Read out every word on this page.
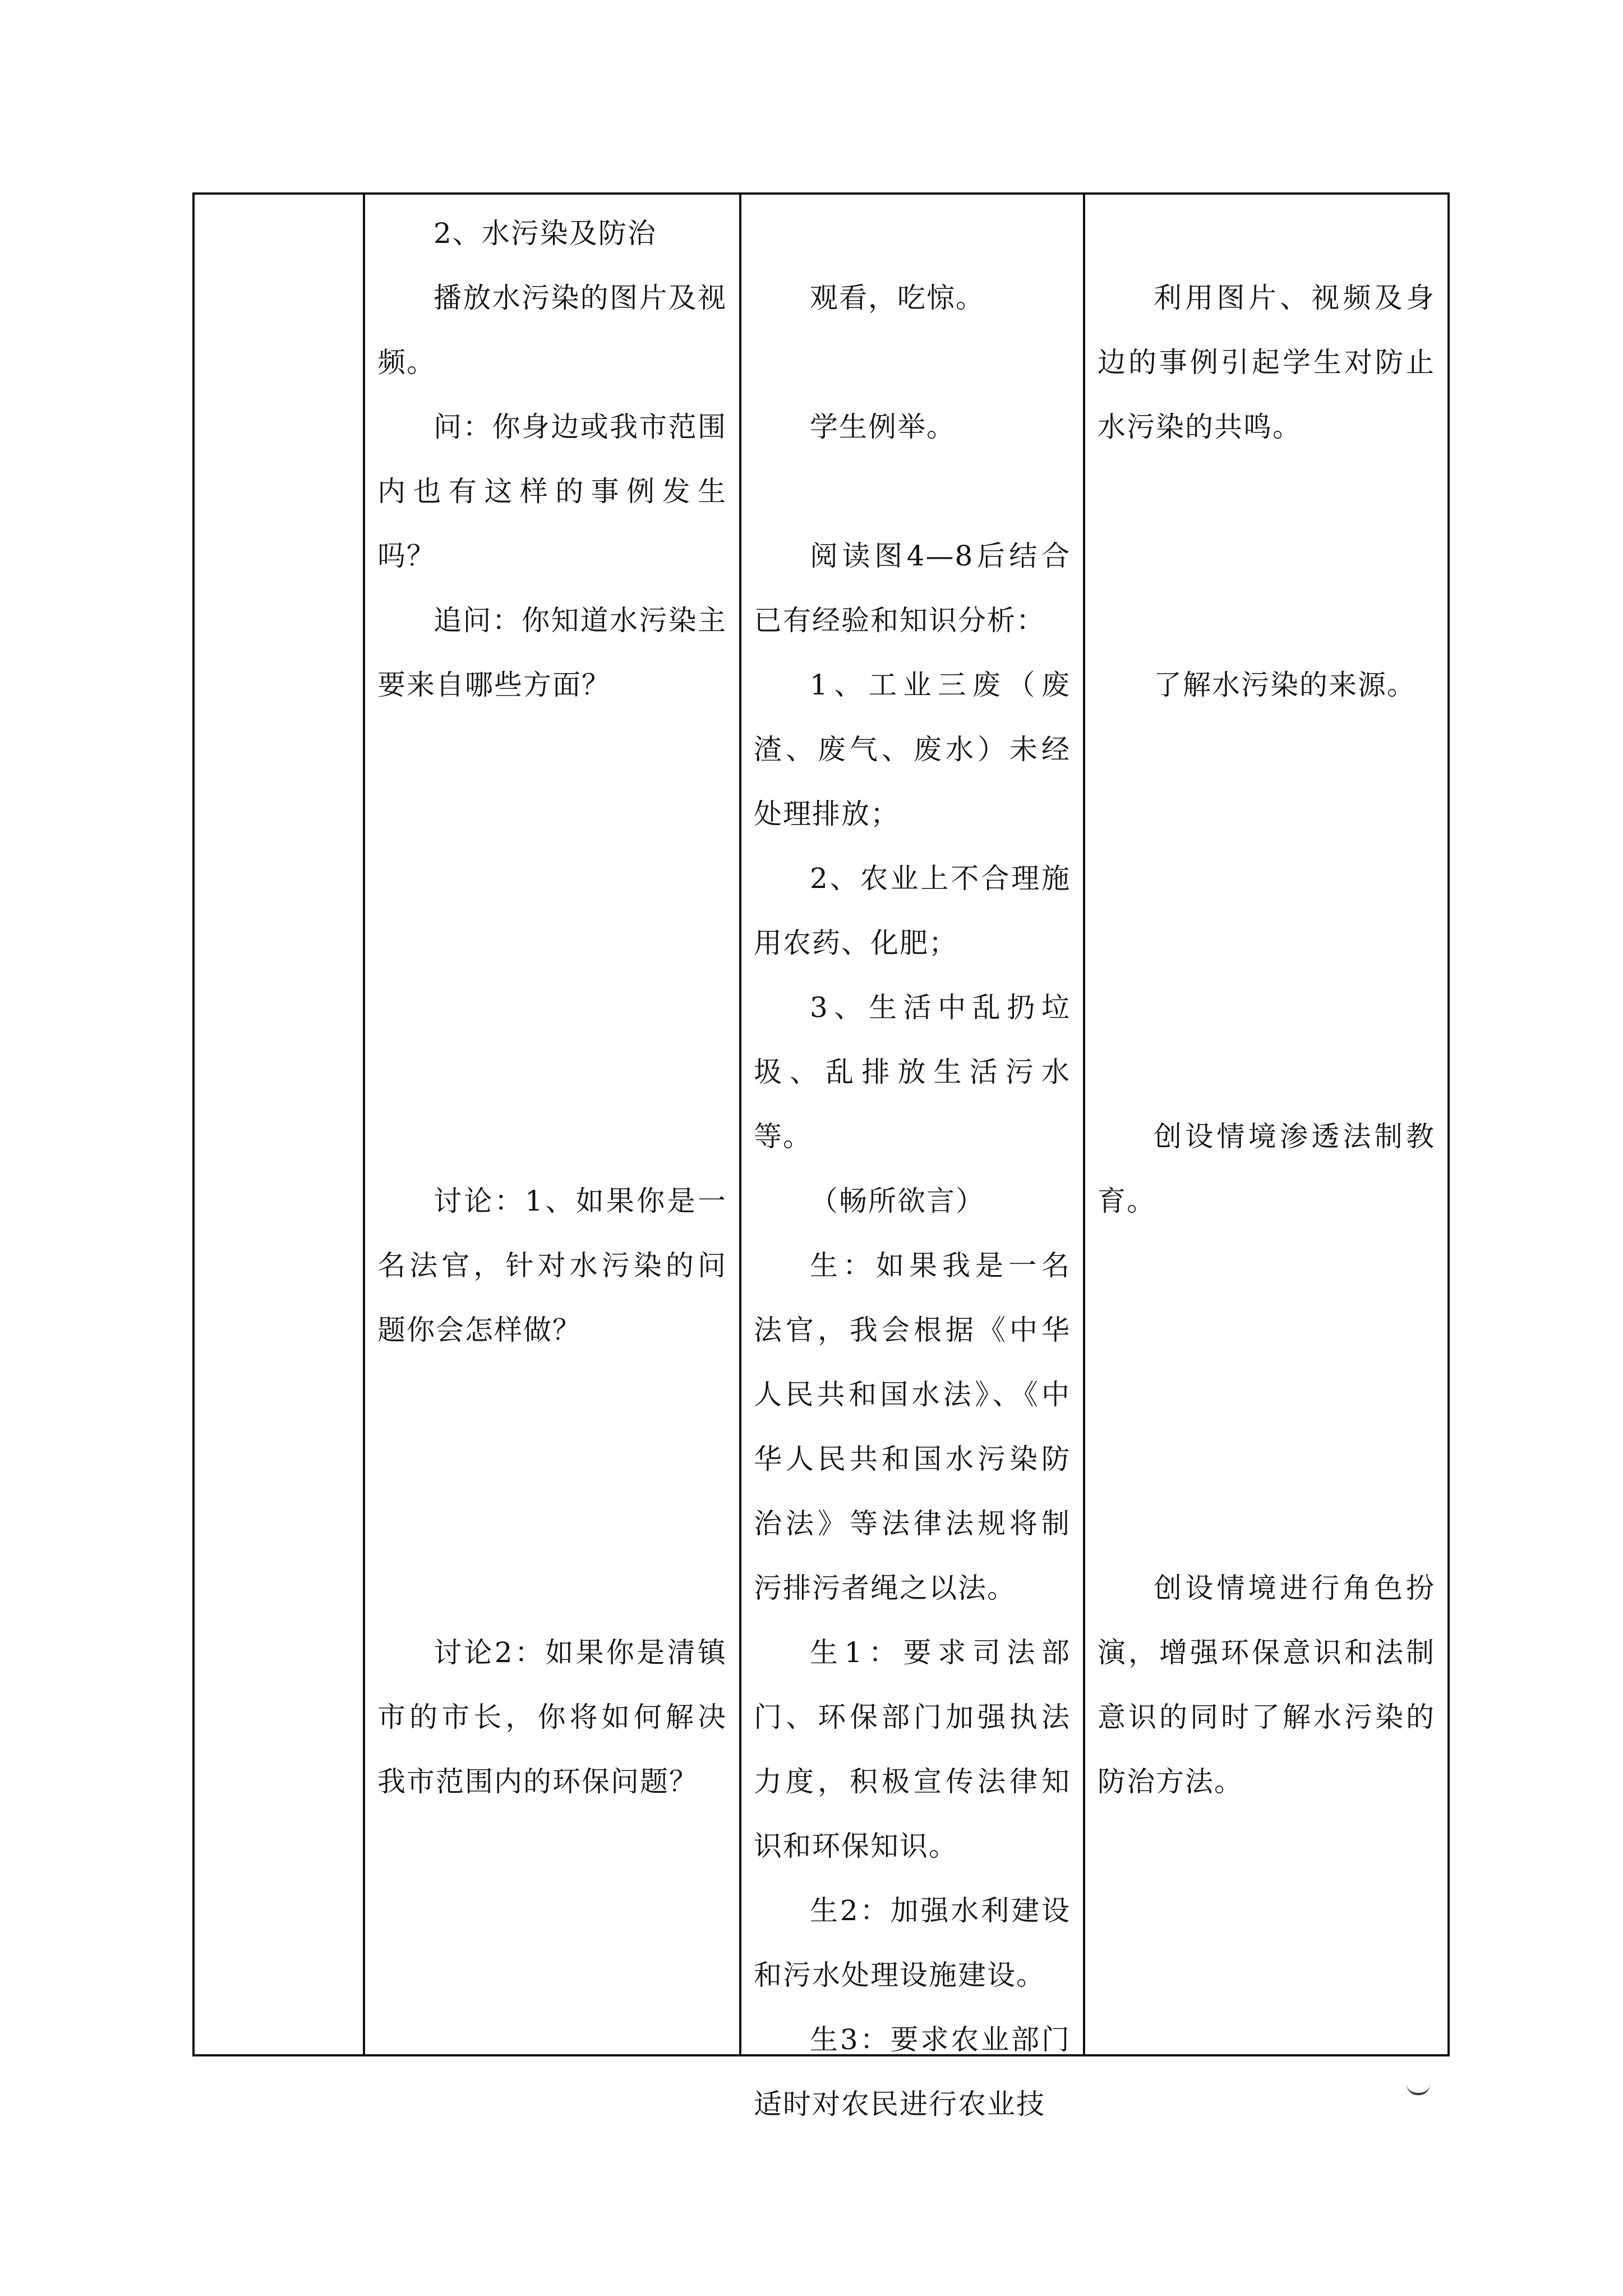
2、水污染及防治

播放水污染的图片及视频。

问：你身边或我市范围内也有这样的事例发生吗？

追问：你知道水污染主要来自哪些方面？

讨论：1、如果你是一名法官，针对水污染的问题你会怎样做？

讨论2：如果你是清镇市的市长，你将如何解决我市范围内的环保问题？

观看，吃惊。

学生例举。

阅读图4—8后结合已有经验和知识分析：

1、工业三废（废渣、废气、废水）未经处理排放；

2、农业上不合理施用农药、化肥；

3、生活中乱扔垃圾、乱排放生活污水等。

（畅所欲言）

生：如果我是一名法官，我会根据《中华人民共和国水法》、《中华人民共和国水污染防治法》等法律法规将制污排污者绳之以法。

生1：要求司法部门、环保部门加强执法力度，积极宣传法律知识和环保知识。

生2：加强水利建设和污水处理设施建设。

生3：要求农业部门适时对农民进行农业技

利用图片、视频及身边的事例引起学生对防止水污染的共鸣。

了解水污染的来源。

创设情境渗透法制教育。

创设情境进行角色扮演，增强环保意识和法制意识的同时了解水污染的防治方法。
